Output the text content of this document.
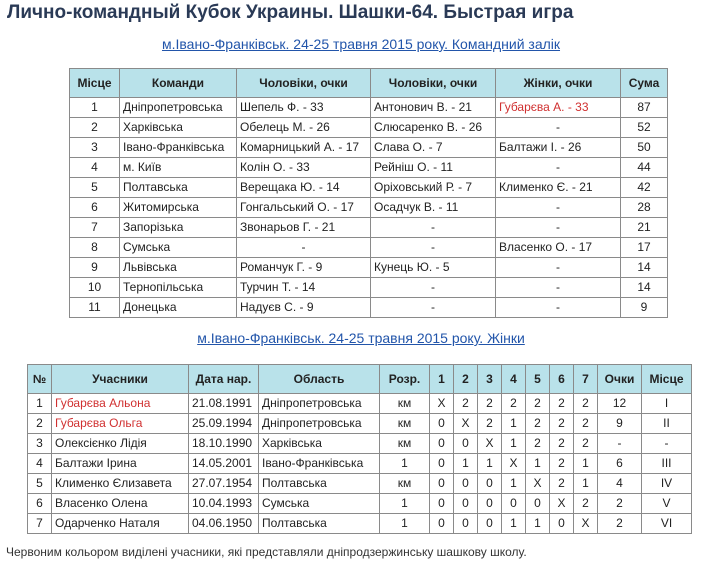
Лично-командный Кубок Украины. Шашки-64. Быстрая игра
м.Івано-Франківськ. 24-25 травня 2015 року. Командний залік
Місце	Команди	Чоловіки, очки	Чоловіки, очки	Жінки, очки	Сума
1	Дніпропетровська	Шепель Ф. - 33	Антонович В. - 21	Губарєва А. - 33	87
2	Харківська	Обелець М. - 26	Слюсаренко В. - 26	-	52
3	Івано-Франківська	Комарницький А. - 17	Слава О. - 7	Балтажи І. - 26	50
4	м. Київ	Колін О. - 33	Рейніш О. - 11	-	44
5	Полтавська	Верещака Ю. - 14	Оріховський Р. - 7	Клименко Є. - 21	42
6	Житомирська	Гонгальський О. - 17	Осадчук В. - 11	-	28
7	Запорізька	Звонарьов Г. - 21	-	-	21
8	Сумська	-	-	Власенко О. - 17	17
9	Львівська	Романчук Г. - 9	Кунець Ю. - 5	-	14
10	Тернопільська	Турчин Т. - 14	-	-	14
11	Донецька	Надуєв С. - 9	-	-	9
м.Івано-Франківськ. 24-25 травня 2015 року. Жінки
№	Учасники	Дата нар.	Область	Розр.	1	2	3	4	5	6	7	Очки	Місце
1	Губарєва Альона	21.08.1991	Дніпропетровська	км	X	2	2	2	2	2	2	12	I
2	Губарєва Ольга	25.09.1994	Дніпропетровська	км	0	X	2	1	2	2	2	9	II
3	Олексієнко Лідія	18.10.1990	Харківська	км	0	0	X	1	2	2	2	-	-
4	Балтажи Ірина	14.05.2001	Івано-Франківська	1	0	1	1	X	1	2	1	6	III
5	Клименко Єлизавета	27.07.1954	Полтавська	км	0	0	0	1	X	2	1	4	IV
6	Власенко Олена	10.04.1993	Сумська	1	0	0	0	0	0	X	2	2	V
7	Одарченко Наталя	04.06.1950	Полтавська	1	0	0	0	1	1	0	X	2	VI
Червоним кольором виділені учасники, які представляли дніпродзержинську шашкову школу.
